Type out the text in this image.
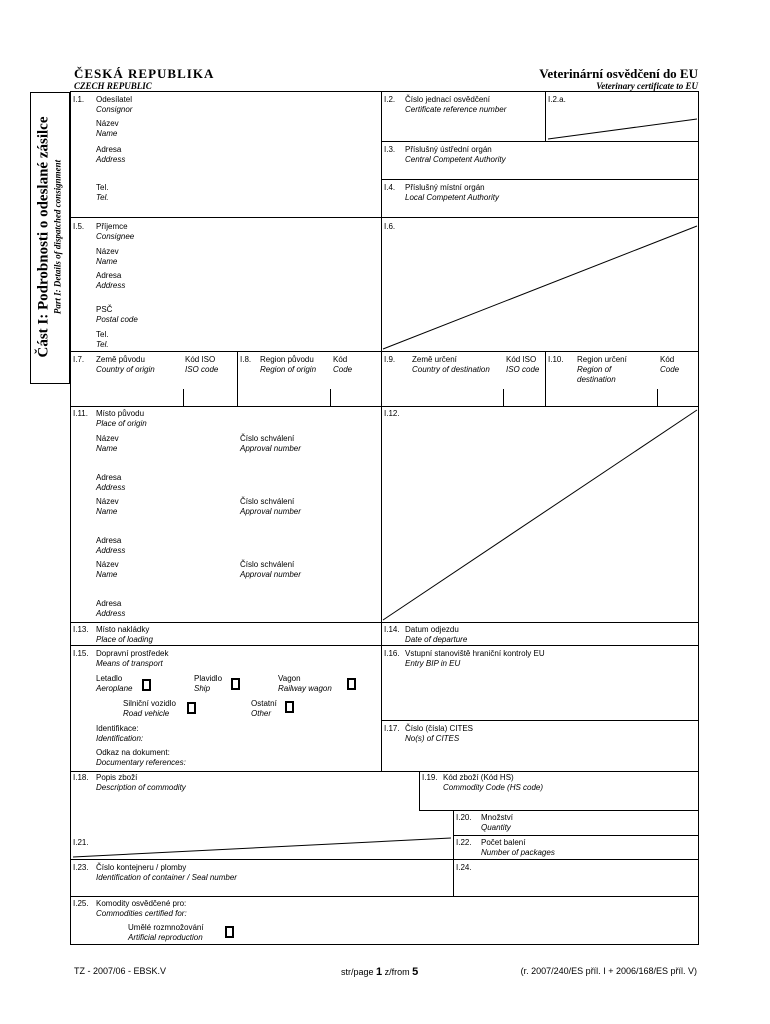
ČESKÁ REPUBLIKA
CZECH REPUBLIC
Veterinární osvědčení do EU
Veterinary certificate to EU
Část I: Podrobnosti o odeslané zásilce Part I: Details of dispatched consignment
I.1. Odesílatel
Consignor
Název
Name
Adresa
Address
Tel.
Tel.
I.2. Číslo jednací osvědčení
Certificate reference number
I.2.a.
I.3. Příslušný ústřední orgán
Central Competent Authority
I.4. Příslušný místní orgán
Local Competent Authority
I.5. Příjemce
Consignee
Název
Name
Adresa
Address
PSČ
Postal code
Tel.
Tel.
I.6.
I.7. Země původu
Country of origin
Kód ISO
ISO code
I.8. Region původu
Region of origin
Kód
Code
I.9. Země určení
Country of destination
Kód ISO
ISO code
I.10. Region určení
Region of
destination
Kód
Code
I.11. Místo původu
Place of origin
Název
Name
Číslo schválení
Approval number
Adresa
Address
Název
Name
Číslo schválení
Approval number
Adresa
Address
Název
Name
Číslo schválení
Approval number
Adresa
Address
I.12.
I.13. Místo nakládky
Place of loading
I.14. Datum odjezdu
Date of departure
I.15. Dopravní prostředek
Means of transport
Letadlo
Aeroplane
Plavidlo
Ship
Vagon
Railway wagon
Silniční vozidlo
Road vehicle
Ostatní
Other
Identifikace:
Identification:
Odkaz na dokument:
Documentary references:
I.16. Vstupní stanoviště hraniční kontroly EU
Entry BIP in EU
I.17. Číslo (čísla) CITES
No(s) of CITES
I.18. Popis zboží
Description of commodity
I.19. Kód zboží (Kód HS)
Commodity Code (HS code)
I.20. Množství
Quantity
I.21.	I.22. Počet balení
Number of packages
I.23. Číslo kontejneru / plomby
Identification of container / Seal number
I.24.
I.25. Komodity osvědčené pro:
Commodities certified for:
Umělé rozmnožování
Artificial reproduction
TZ - 2007/06 - EBSK.V	str/page 1 z/from 5	(r. 2007/240/ES příl. I + 2006/168/ES příl. V)
